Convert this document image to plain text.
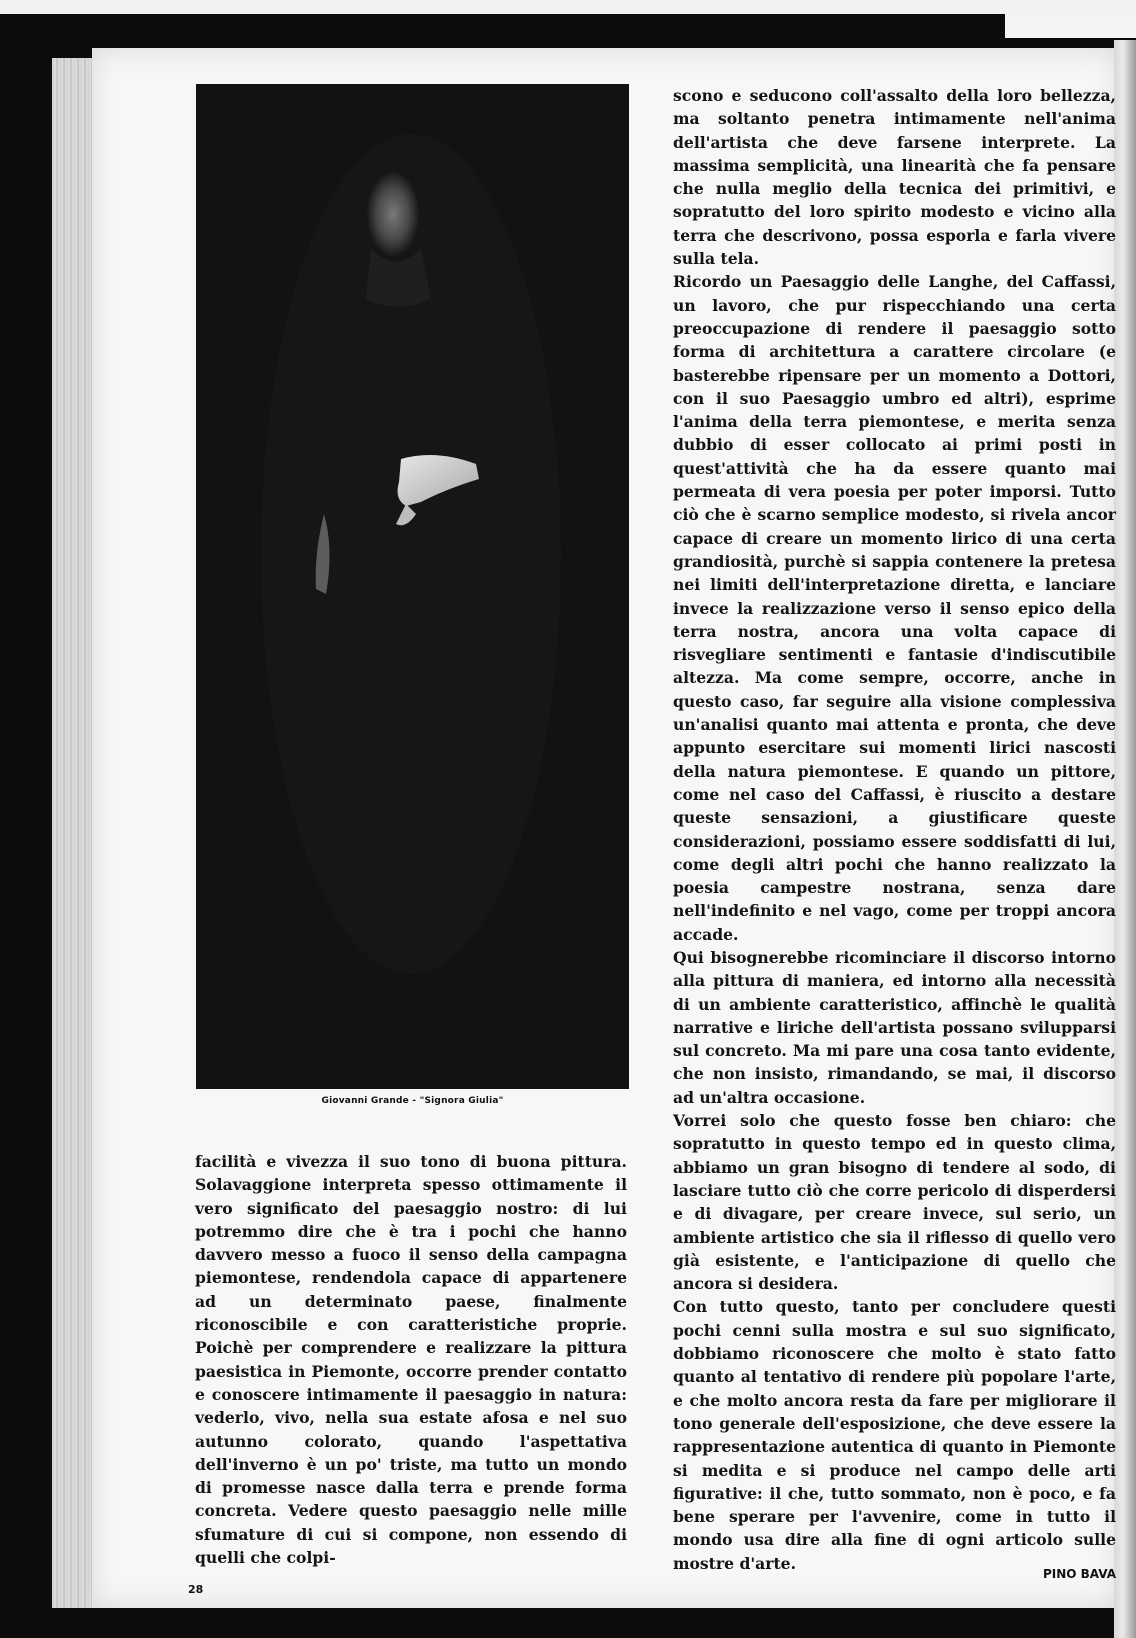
Giovanni Grande - "Signora Giulia"

facilità e vivezza il suo tono di buona pittura. Solavaggione interpreta spesso ottimamente il vero significato del paesaggio nostro: di lui potremmo dire che è tra i pochi che hanno davvero messo a fuoco il senso della campagna piemontese, rendendola capace di appartenere ad un determinato paese, finalmente riconoscibile e con caratteristiche proprie. Poichè per comprendere e realizzare la pittura paesistica in Piemonte, occorre prender contatto e conoscere intimamente il paesaggio in natura: vederlo, vivo, nella sua estate afosa e nel suo autunno colorato, quando l'aspettativa dell'inverno è un po' triste, ma tutto un mondo di promesse nasce dalla terra e prende forma concreta. Vedere questo paesaggio nelle mille sfumature di cui si compone, non essendo di quelli che colpi-

scono e seducono coll'assalto della loro bellezza, ma soltanto penetra intimamente nell'anima dell'artista che deve farsene interprete. La massima semplicità, una linearità che fa pensare che nulla meglio della tecnica dei primitivi, e sopratutto del loro spirito modesto e vicino alla terra che descrivono, possa esporla e farla vivere sulla tela.

Ricordo un Paesaggio delle Langhe, del Caffassi, un lavoro, che pur rispecchiando una certa preoccupazione di rendere il paesaggio sotto forma di architettura a carattere circolare (e basterebbe ripensare per un momento a Dottori, con il suo Paesaggio umbro ed altri), esprime l'anima della terra piemontese, e merita senza dubbio di esser collocato ai primi posti in quest'attività che ha da essere quanto mai permeata di vera poesia per poter imporsi. Tutto ciò che è scarno semplice modesto, si rivela ancor capace di creare un momento lirico di una certa grandiosità, purchè si sappia contenere la pretesa nei limiti dell'interpretazione diretta, e lanciare invece la realizzazione verso il senso epico della terra nostra, ancora una volta capace di risvegliare sentimenti e fantasie d'indiscutibile altezza. Ma come sempre, occorre, anche in questo caso, far seguire alla visione complessiva un'analisi quanto mai attenta e pronta, che deve appunto esercitare sui momenti lirici nascosti della natura piemontese. E quando un pittore, come nel caso del Caffassi, è riuscito a destare queste sensazioni, a giustificare queste considerazioni, possiamo essere soddisfatti di lui, come degli altri pochi che hanno realizzato la poesia campestre nostrana, senza dare nell'indefinito e nel vago, come per troppi ancora accade.

Qui bisognerebbe ricominciare il discorso intorno alla pittura di maniera, ed intorno alla necessità di un ambiente caratteristico, affinchè le qualità narrative e liriche dell'artista possano svilupparsi sul concreto. Ma mi pare una cosa tanto evidente, che non insisto, rimandando, se mai, il discorso ad un'altra occasione.

Vorrei solo che questo fosse ben chiaro: che sopratutto in questo tempo ed in questo clima, abbiamo un gran bisogno di tendere al sodo, di lasciare tutto ciò che corre pericolo di disperdersi e di divagare, per creare invece, sul serio, un ambiente artistico che sia il riflesso di quello vero già esistente, e l'anticipazione di quello che ancora si desidera.

Con tutto questo, tanto per concludere questi pochi cenni sulla mostra e sul suo significato, dobbiamo riconoscere che molto è stato fatto quanto al tentativo di rendere più popolare l'arte, e che molto ancora resta da fare per migliorare il tono generale dell'esposizione, che deve essere la rappresentazione autentica di quanto in Piemonte si medita e si produce nel campo delle arti figurative: il che, tutto sommato, non è poco, e fa bene sperare per l'avvenire, come in tutto il mondo usa dire alla fine di ogni articolo sulle mostre d'arte.

PINO BAVA
28
